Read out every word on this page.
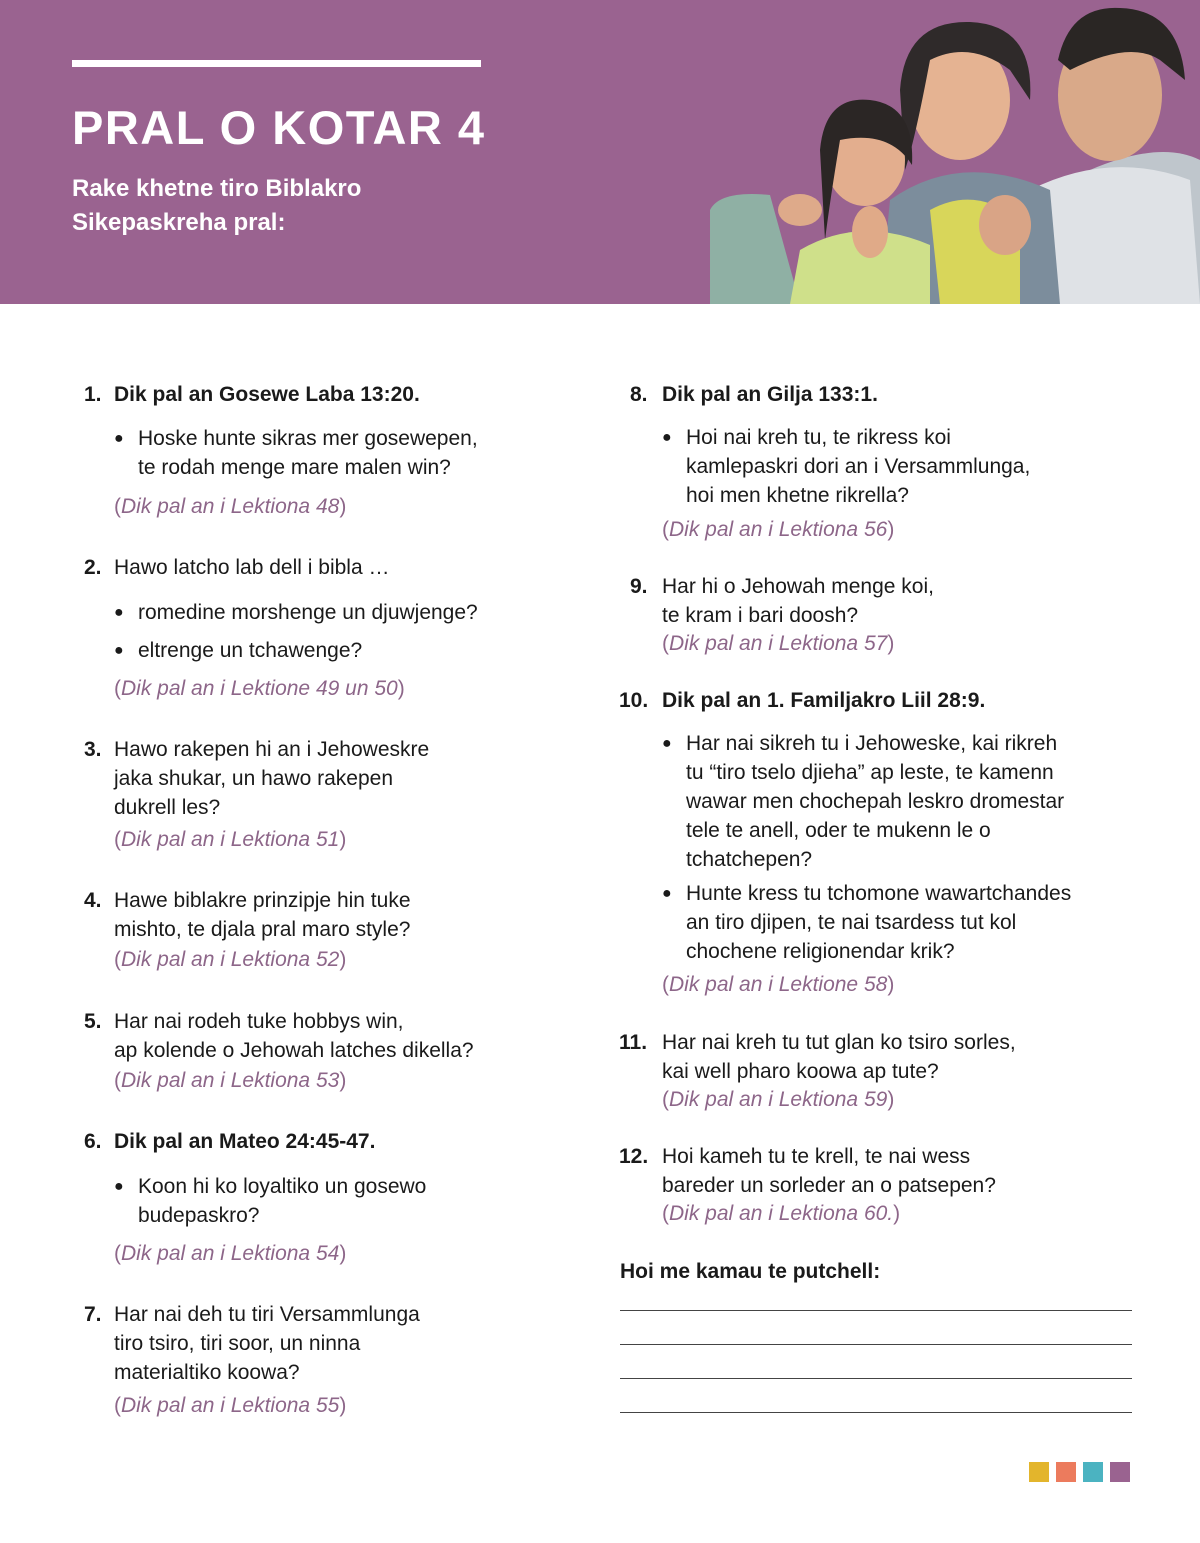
PRAL O KOTAR 4
Rake khetne tiro Biblakro
Sikepaskreha pral:
1. Dik pal an Gosewe Laba 13:20.
● Hoske hunte sikras mer gosewepen,
te rodah menge mare malen win?
(Dik pal an i Lektiona 48)
2. Hawo latcho lab dell i bibla …
● romedine morshenge un djuwjenge?
● eltrenge un tchawenge?
(Dik pal an i Lektione 49 un 50)
3. Hawo rakepen hi an i Jehoweskre
jaka shukar, un hawo rakepen
dukrell les?
(Dik pal an i Lektiona 51)
4. Hawe biblakre prinzipje hin tuke
mishto, te djala pral maro style?
(Dik pal an i Lektiona 52)
5. Har nai rodeh tuke hobbys win,
ap kolende o Jehowah latches dikella?
(Dik pal an i Lektiona 53)
6. Dik pal an Mateo 24:45-47.
● Koon hi ko loyaltiko un gosewo
budepaskro?
(Dik pal an i Lektiona 54)
7. Har nai deh tu tiri Versammlunga
tiro tsiro, tiri soor, un ninna
materialtiko koowa?
(Dik pal an i Lektiona 55)
8. Dik pal an Gilja 133:1.
● Hoi nai kreh tu, te rikress koi
kamlepaskri dori an i Versammlunga,
hoi men khetne rikrella?
(Dik pal an i Lektiona 56)
9. Har hi o Jehowah menge koi,
te kram i bari doosh?
(Dik pal an i Lektiona 57)
10. Dik pal an 1. Familjakro Liil 28:9.
● Har nai sikreh tu i Jehoweske, kai rikreh
tu “tiro tselo djieha” ap leste, te kamenn
wawar men chochepah leskro dromestar
tele te anell, oder te mukenn le o
tchatchepen?
● Hunte kress tu tchomone wawartchandes
an tiro djipen, te nai tsardess tut kol
chochene religionendar krik?
(Dik pal an i Lektione 58)
11. Har nai kreh tu tut glan ko tsiro sorles,
kai well pharo koowa ap tute?
(Dik pal an i Lektiona 59)
12. Hoi kameh tu te krell, te nai wess
bareder un sorleder an o patsepen?
(Dik pal an i Lektiona 60.)
Hoi me kamau te putchell:
